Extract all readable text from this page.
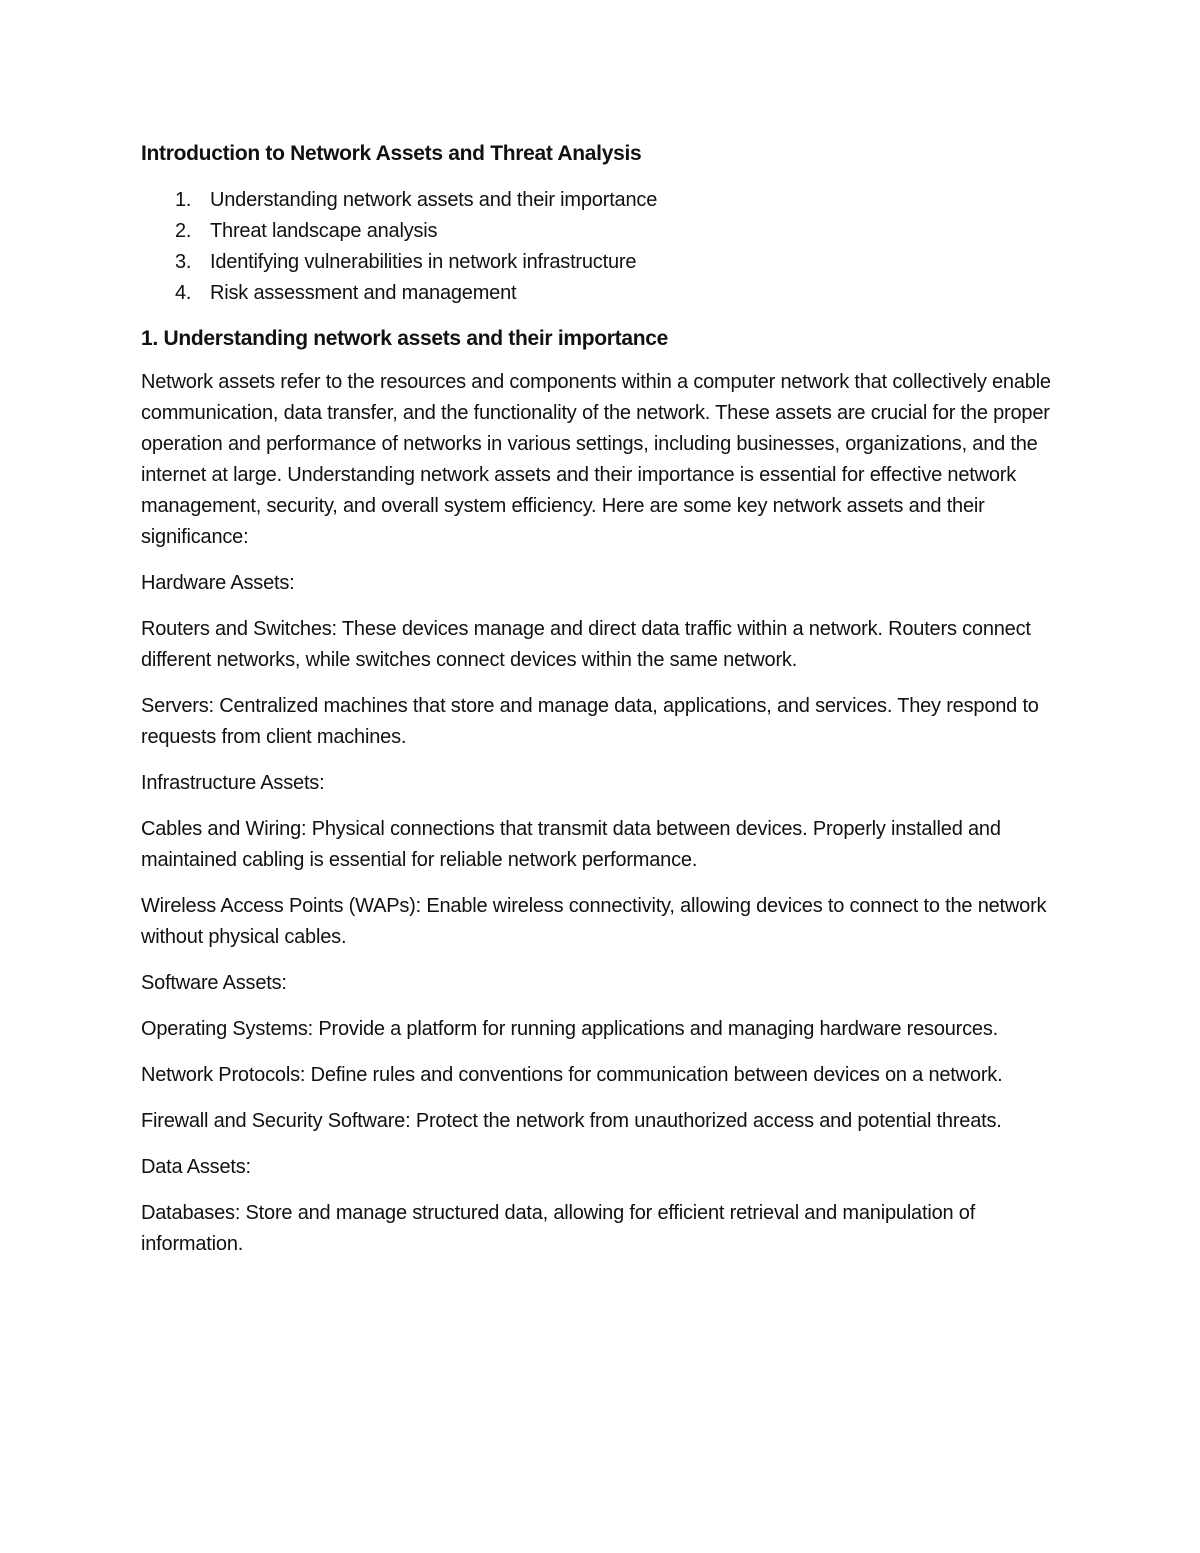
Introduction to Network Assets and Threat Analysis
1. Understanding network assets and their importance
2. Threat landscape analysis
3. Identifying vulnerabilities in network infrastructure
4. Risk assessment and management
1. Understanding network assets and their importance

Network assets refer to the resources and components within a computer network that collectively enable communication, data transfer, and the functionality of the network. These assets are crucial for the proper operation and performance of networks in various settings, including businesses, organizations, and the internet at large. Understanding network assets and their importance is essential for effective network management, security, and overall system efficiency. Here are some key network assets and their significance:

Hardware Assets:

Routers and Switches: These devices manage and direct data traffic within a network. Routers connect different networks, while switches connect devices within the same network.

Servers: Centralized machines that store and manage data, applications, and services. They respond to requests from client machines.

Infrastructure Assets:

Cables and Wiring: Physical connections that transmit data between devices. Properly installed and maintained cabling is essential for reliable network performance.

Wireless Access Points (WAPs): Enable wireless connectivity, allowing devices to connect to the network without physical cables.

Software Assets:

Operating Systems: Provide a platform for running applications and managing hardware resources.

Network Protocols: Define rules and conventions for communication between devices on a network.

Firewall and Security Software: Protect the network from unauthorized access and potential threats.

Data Assets:

Databases: Store and manage structured data, allowing for efficient retrieval and manipulation of information.
